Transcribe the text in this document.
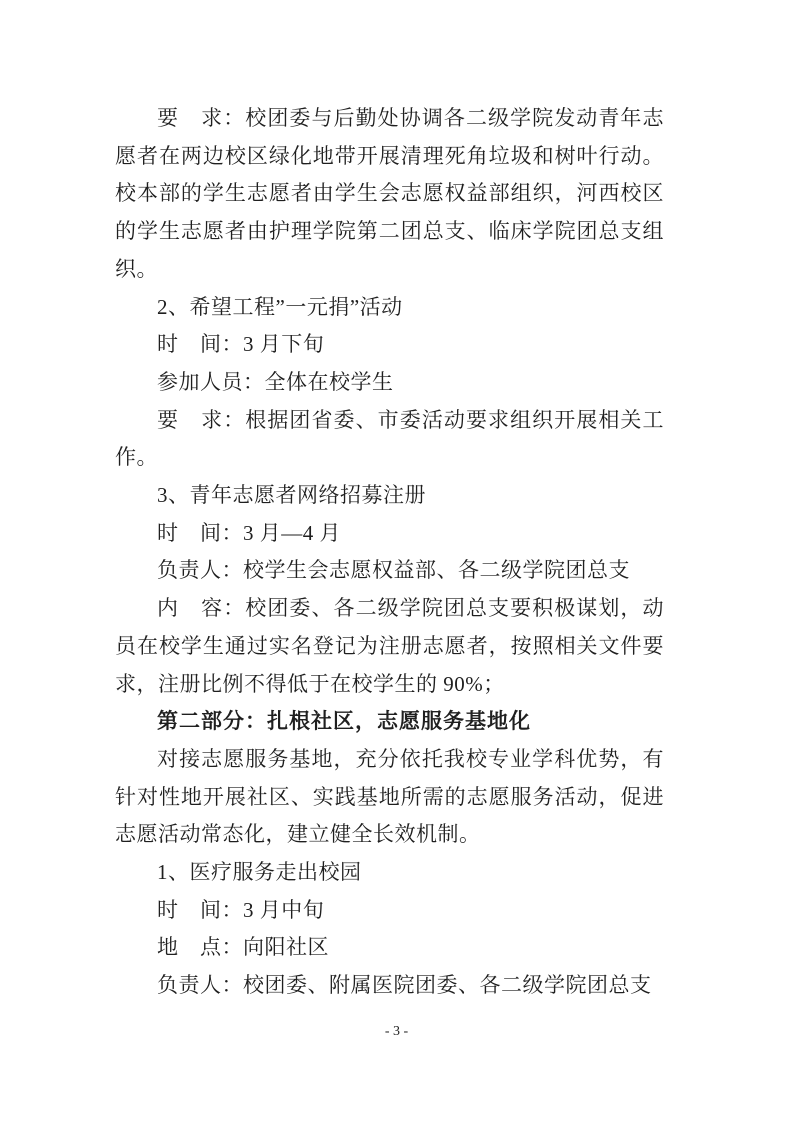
要　求：校团委与后勤处协调各二级学院发动青年志愿者在两边校区绿化地带开展清理死角垃圾和树叶行动。校本部的学生志愿者由学生会志愿权益部组织，河西校区的学生志愿者由护理学院第二团总支、临床学院团总支组织。

2、希望工程”一元捐”活动

时　间：3 月下旬

参加人员：全体在校学生

要　求：根据团省委、市委活动要求组织开展相关工作。

3、青年志愿者网络招募注册

时　间：3 月—4 月

负责人：校学生会志愿权益部、各二级学院团总支

内　容：校团委、各二级学院团总支要积极谋划，动员在校学生通过实名登记为注册志愿者，按照相关文件要求，注册比例不得低于在校学生的 90%；

第二部分：扎根社区，志愿服务基地化

对接志愿服务基地，充分依托我校专业学科优势，有针对性地开展社区、实践基地所需的志愿服务活动，促进志愿活动常态化，建立健全长效机制。

1、医疗服务走出校园

时　间：3 月中旬

地　点：向阳社区

负责人：校团委、附属医院团委、各二级学院团总支

- 3 -
